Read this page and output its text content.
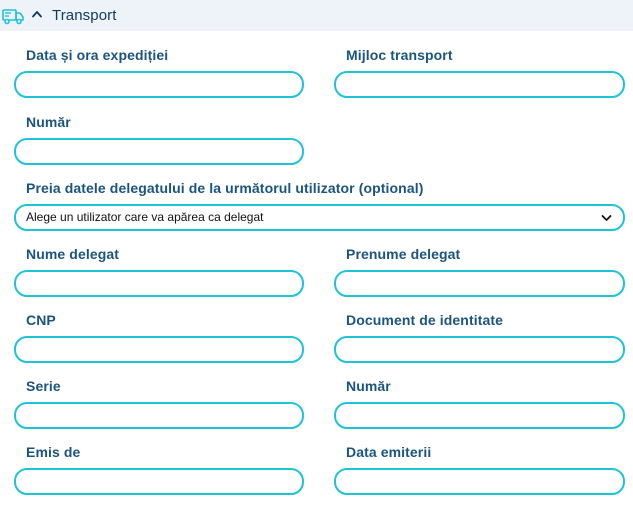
Transport
Data și ora expediției	Mijloc transport
Număr
Preia datele delegatului de la următorul utilizator (optional)
Alege un utilizator care va apărea ca delegat
Nume delegat	Prenume delegat
CNP	Document de identitate
Serie	Număr
Emis de	Data emiterii
